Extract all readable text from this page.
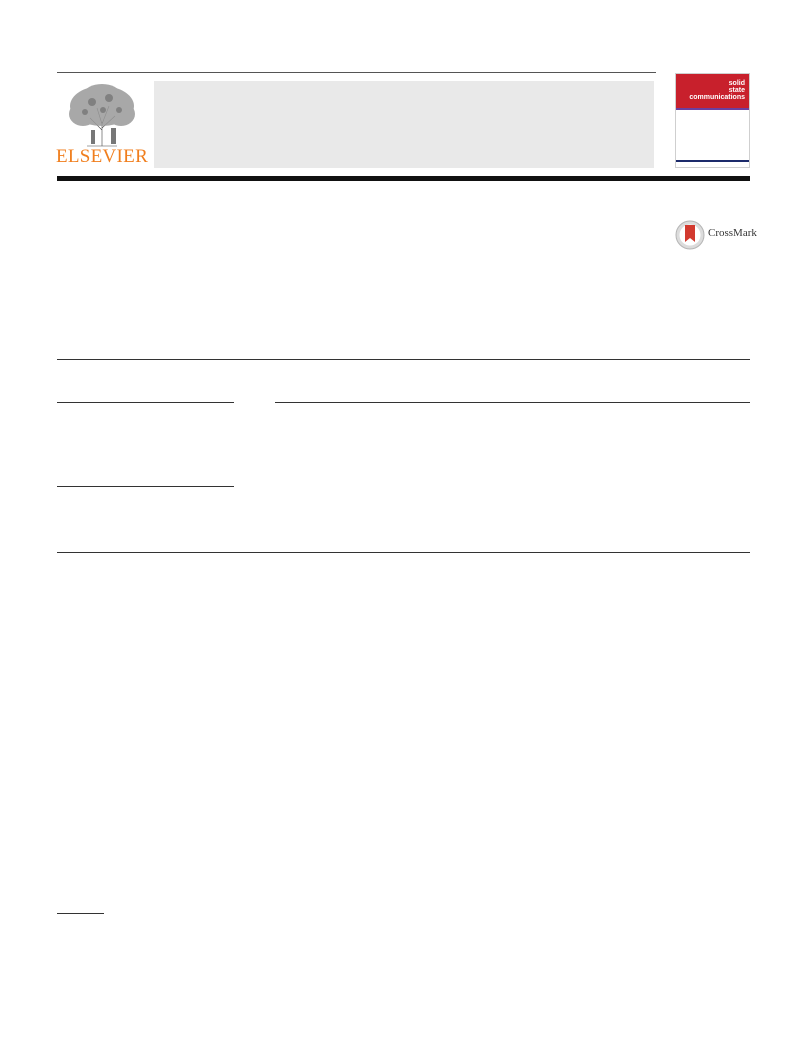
ELSEVIER
solid
state
communications
CrossMark
